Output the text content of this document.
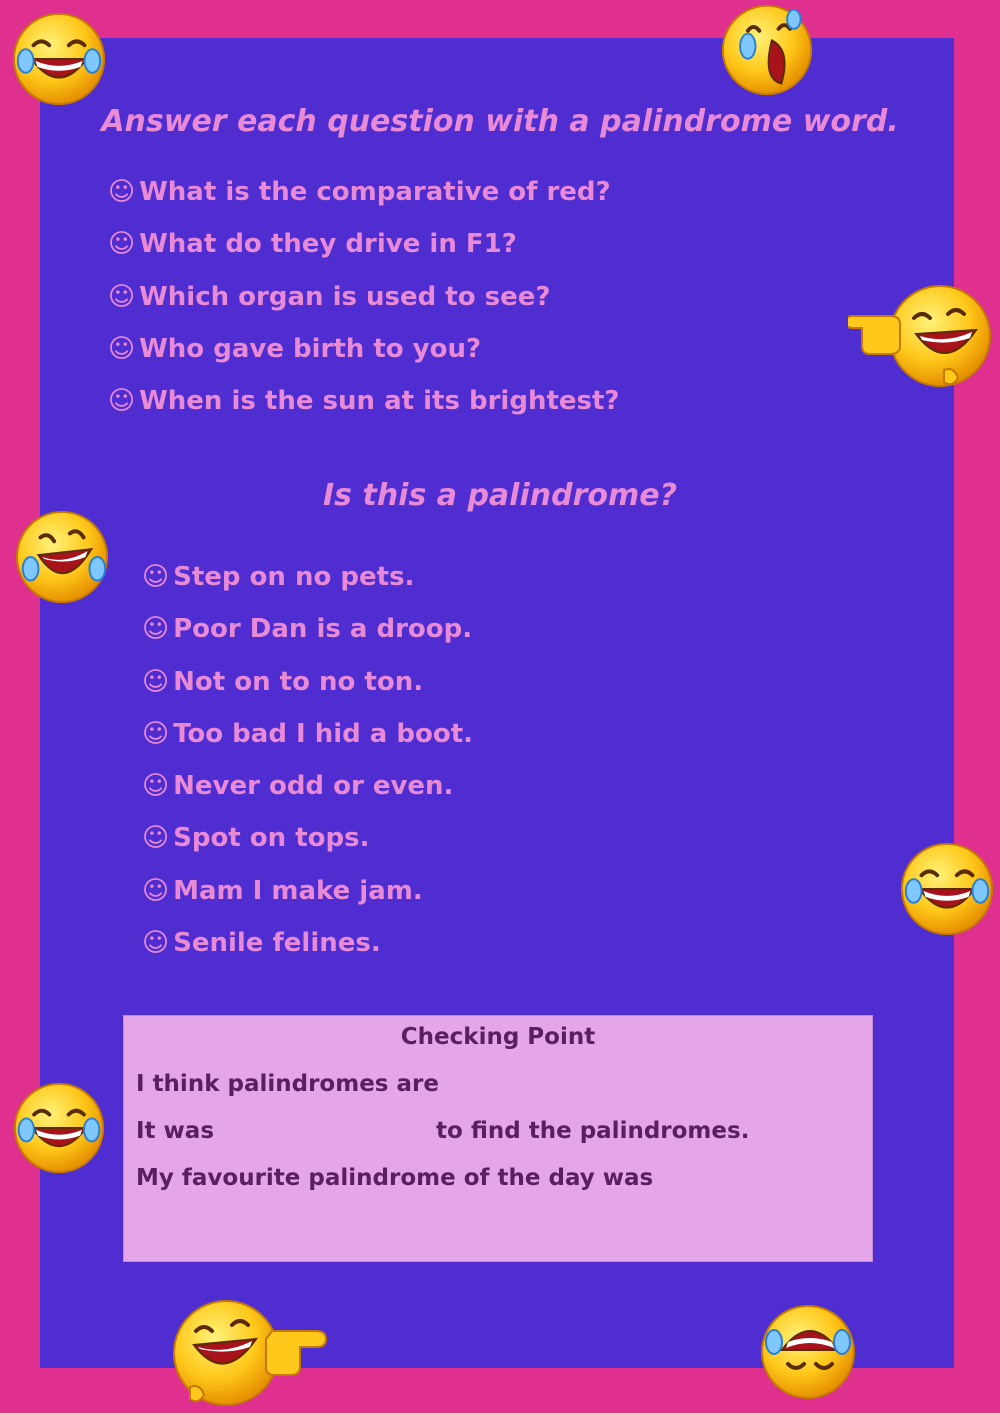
Answer each question with a palindrome word.
☺ What is the comparative of red?
☺ What do they drive in F1?
☺ Which organ is used to see?
☺ Who gave birth to you?
☺ When is the sun at its brightest?
Is this a palindrome?
☺ Step on no pets.
☺ Poor Dan is a droop.
☺ Not on to no ton.
☺ Too bad I hid a boot.
☺ Never odd or even.
☺ Spot on tops.
☺ Mam I make jam.
☺ Senile felines.
Checking Point
I think palindromes are
It was	to find the palindromes.
My favourite palindrome of the day was
